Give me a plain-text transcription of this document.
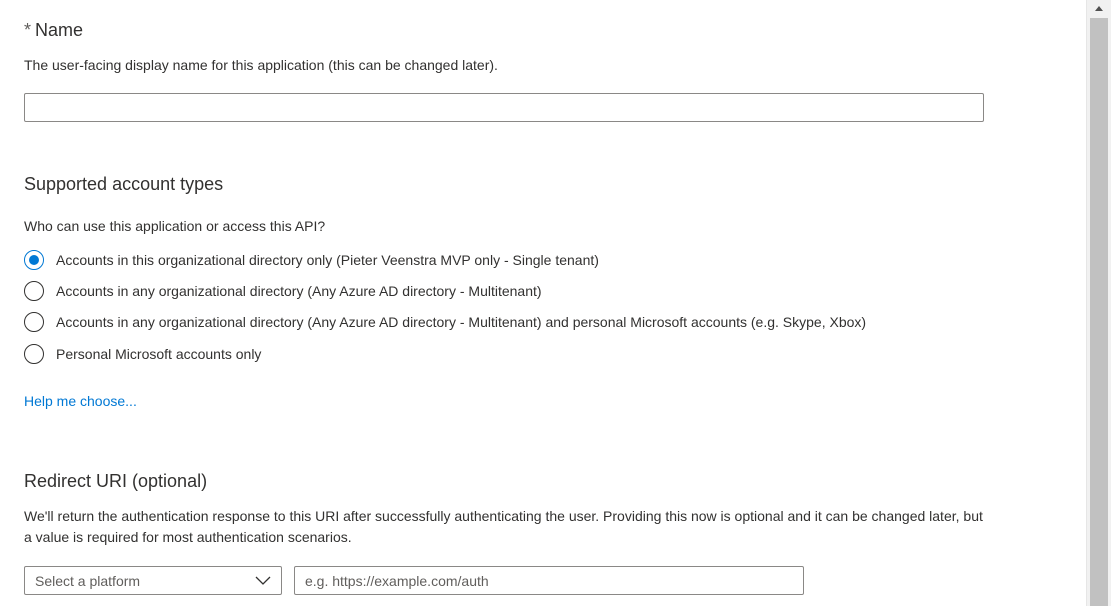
* Name
The user-facing display name for this application (this can be changed later).
Supported account types
Who can use this application or access this API?
Accounts in this organizational directory only (Pieter Veenstra MVP only - Single tenant)
Accounts in any organizational directory (Any Azure AD directory - Multitenant)
Accounts in any organizational directory (Any Azure AD directory - Multitenant) and personal Microsoft accounts (e.g. Skype, Xbox)
Personal Microsoft accounts only
Help me choose...
Redirect URI (optional)
We'll return the authentication response to this URI after successfully authenticating the user. Providing this now is optional and it can be changed later, but a value is required for most authentication scenarios.
Select a platform
e.g. https://example.com/auth
